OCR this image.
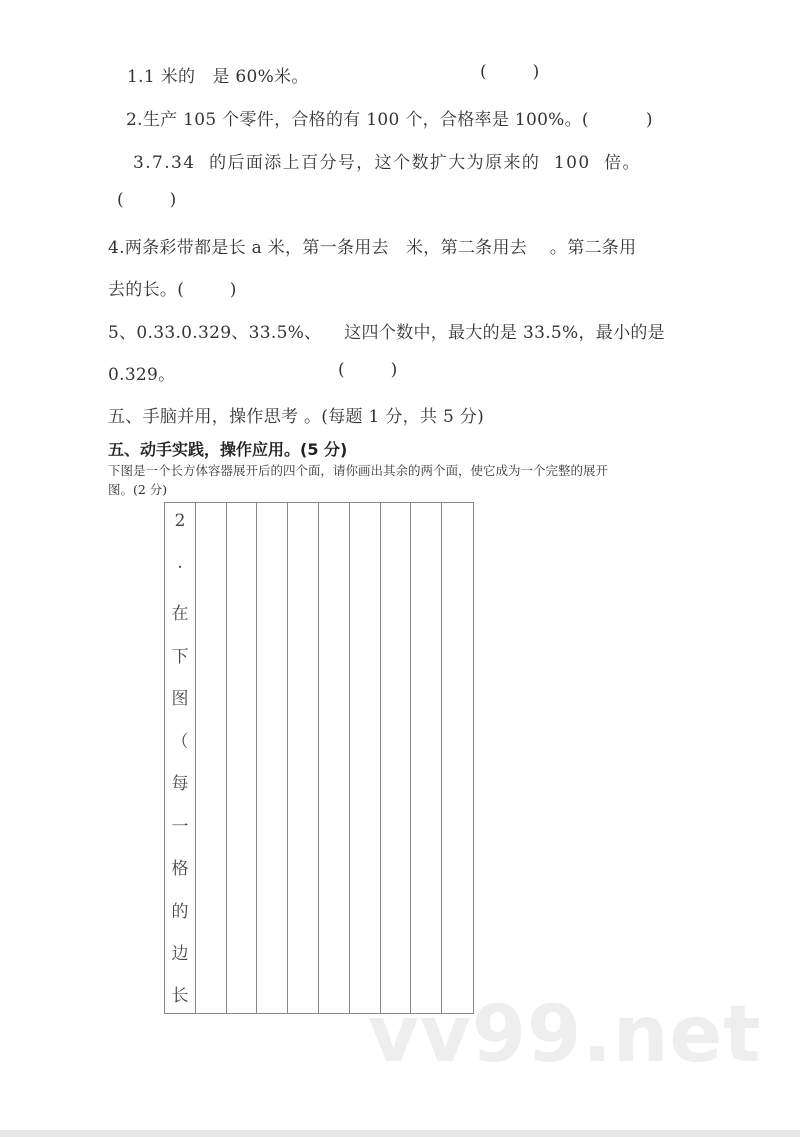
1.1 米的   是 60%米。	(        )
2.生产 105 个零件，合格的有 100 个，合格率是 100%。(          )
3.7.34  的后面添上百分号，这个数扩大为原来的  100  倍。
(        )
4.两条彩带都是长 a 米，第一条用去   米，第二条用去    。第二条用
去的长。(        )
5、0.33.0.329、33.5%、    这四个数中，最大的是 33.5%，最小的是
0.329。	(        )
五、手脑并用，操作思考 。(每题 1 分，共 5 分)
五、动手实践，操作应用。(5 分)
下图是一个长方体容器展开后的四个面，请你画出其余的两个面，使它成为一个完整的展开
图。(2 分)
2
.
在
下
图
（
每
一
格
的
边
长 vv99.net
